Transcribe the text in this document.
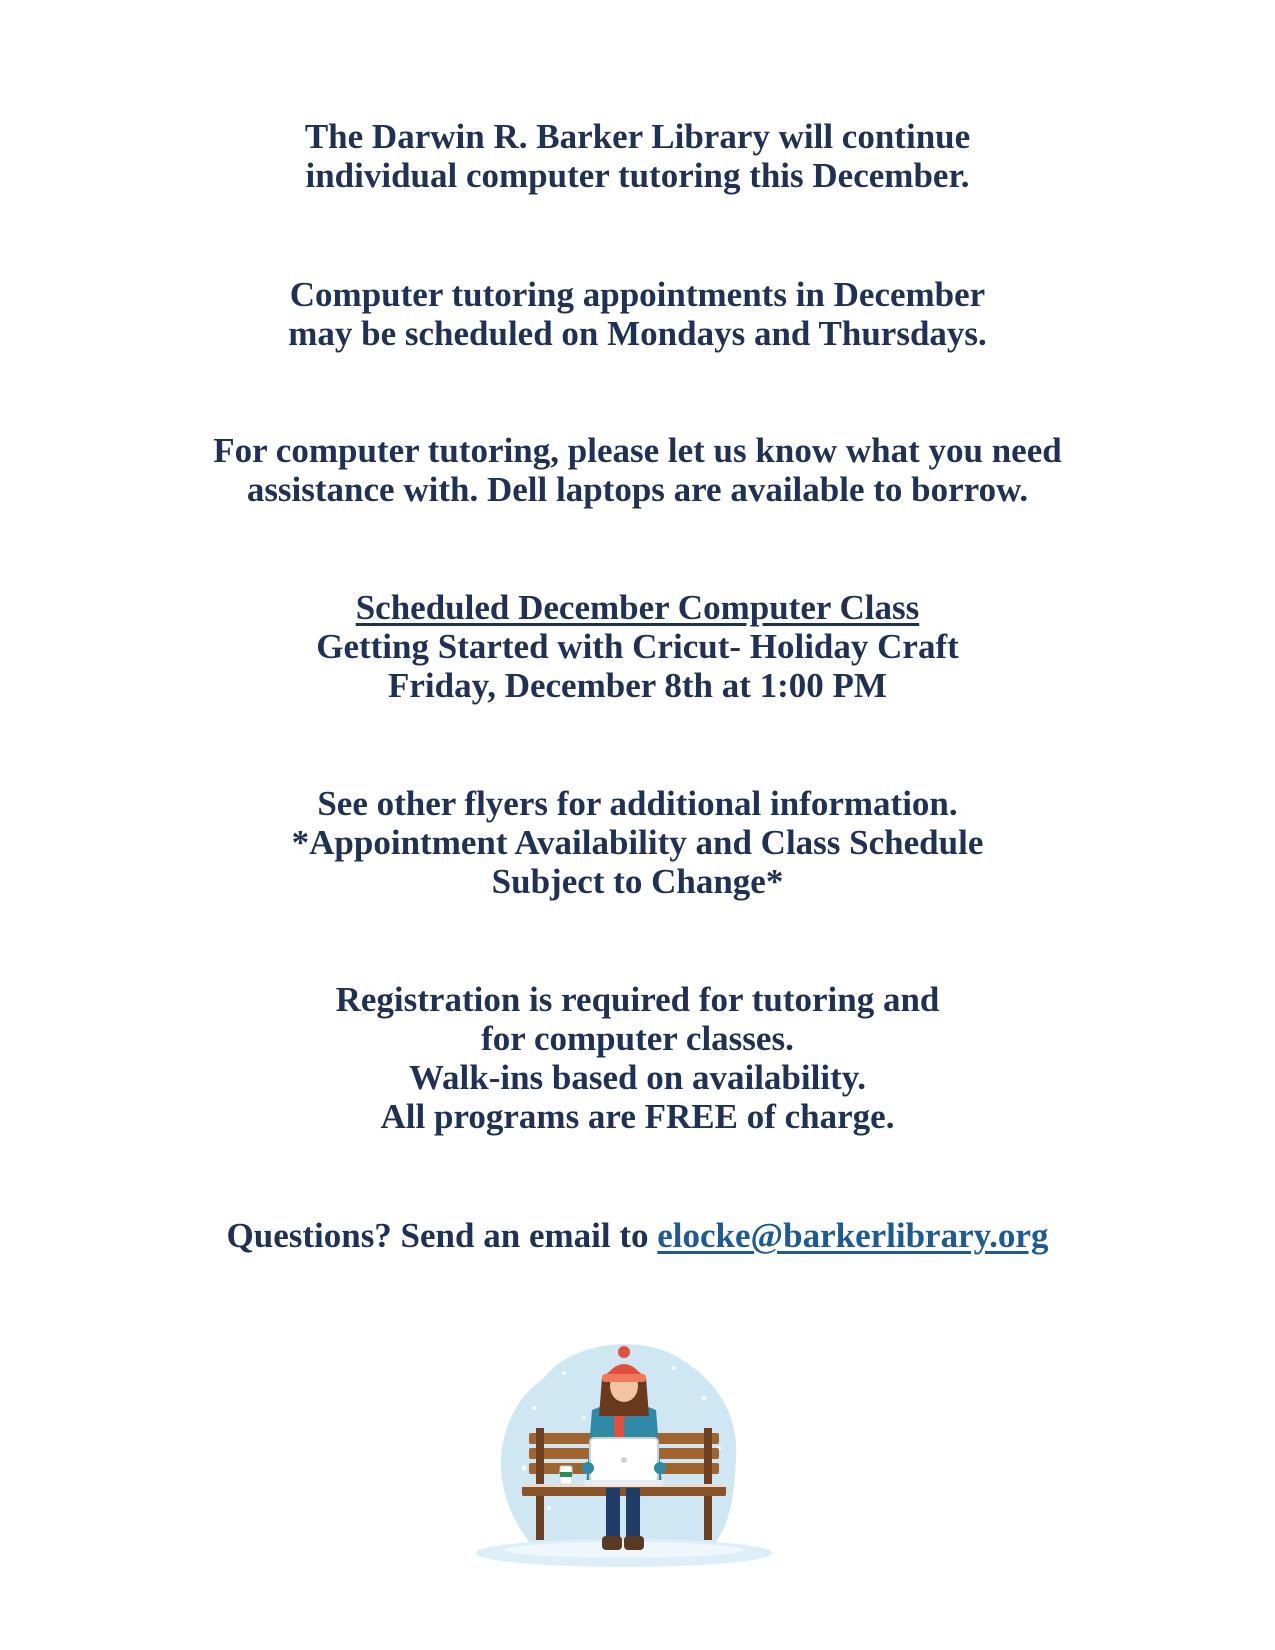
The Darwin R. Barker Library will continue
individual computer tutoring this December.
Computer tutoring appointments in December
may be scheduled on Mondays and Thursdays.
For computer tutoring, please let us know what you need
assistance with. Dell laptops are available to borrow.
Scheduled December Computer Class
Getting Started with Cricut- Holiday Craft
Friday, December 8th at 1:00 PM
See other flyers for additional information.
*Appointment Availability and Class Schedule
Subject to Change*
Registration is required for tutoring and
for computer classes.
Walk-ins based on availability.
All programs are FREE of charge.
Questions? Send an email to elocke@barkerlibrary.org
